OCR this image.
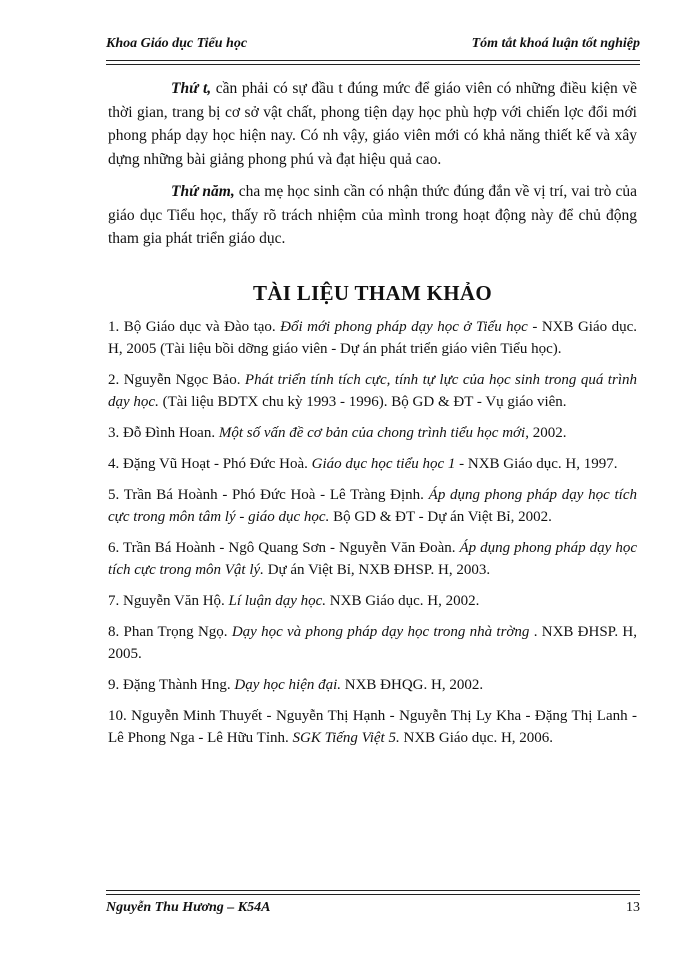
Khoa Giáo dục Tiểu học	Tóm tắt khoá luận tốt nghiệp

Thứ t, cần phải có sự đầu t đúng mức để giáo viên có những điều kiện về thời gian, trang bị cơ sở vật chất, phong tiện dạy học phù hợp với chiến lợc đổi mới phong pháp dạy học hiện nay. Có nh vậy, giáo viên mới có khả năng thiết kế và xây dựng những bài giảng phong phú và đạt hiệu quả cao.

Thứ năm, cha mẹ học sinh cần có nhận thức đúng đắn về vị trí, vai trò của giáo dục Tiểu học, thấy rõ trách nhiệm của mình trong hoạt động này để chủ động tham gia phát triển giáo dục.

TÀI LIỆU THAM KHẢO

1. Bộ Giáo dục và Đào tạo. Đổi mới phong pháp dạy học ở Tiểu học - NXB Giáo dục. H, 2005 (Tài liệu bồi dỡng giáo viên - Dự án phát triển giáo viên Tiểu học).

2. Nguyễn Ngọc Bảo. Phát triển tính tích cực, tính tự lực của học sinh trong quá trình dạy học. (Tài liệu BDTX chu kỳ 1993 - 1996). Bộ GD & ĐT - Vụ giáo viên.

3. Đỗ Đình Hoan. Một số vấn đề cơ bản của chong trình tiểu học mới, 2002.

4. Đặng Vũ Hoạt - Phó Đức Hoà. Giáo dục học tiểu học 1 - NXB Giáo dục. H, 1997.

5. Trần Bá Hoành - Phó Đức Hoà - Lê Tràng Định. Áp dụng phong pháp dạy học tích cực trong môn tâm lý - giáo dục học. Bộ GD & ĐT - Dự án Việt Bỉ, 2002.

6. Trần Bá Hoành - Ngô Quang Sơn - Nguyễn Văn Đoàn. Áp dụng phong pháp dạy học tích cực trong môn Vật lý. Dự án Việt Bỉ, NXB ĐHSP. H, 2003.

7. Nguyễn Văn Hộ. Lí luận dạy học. NXB Giáo dục. H, 2002.

8. Phan Trọng Ngọ. Dạy học và phong pháp dạy học trong nhà trờng . NXB ĐHSP. H, 2005.

9. Đặng Thành Hng. Dạy học hiện đại. NXB ĐHQG. H, 2002.

10. Nguyễn Minh Thuyết - Nguyễn Thị Hạnh - Nguyễn Thị Ly Kha - Đặng Thị Lanh - Lê Phong Nga - Lê Hữu Tỉnh. SGK Tiếng Việt 5. NXB Giáo dục. H, 2006.

Nguyễn Thu Hương – K54A	13
